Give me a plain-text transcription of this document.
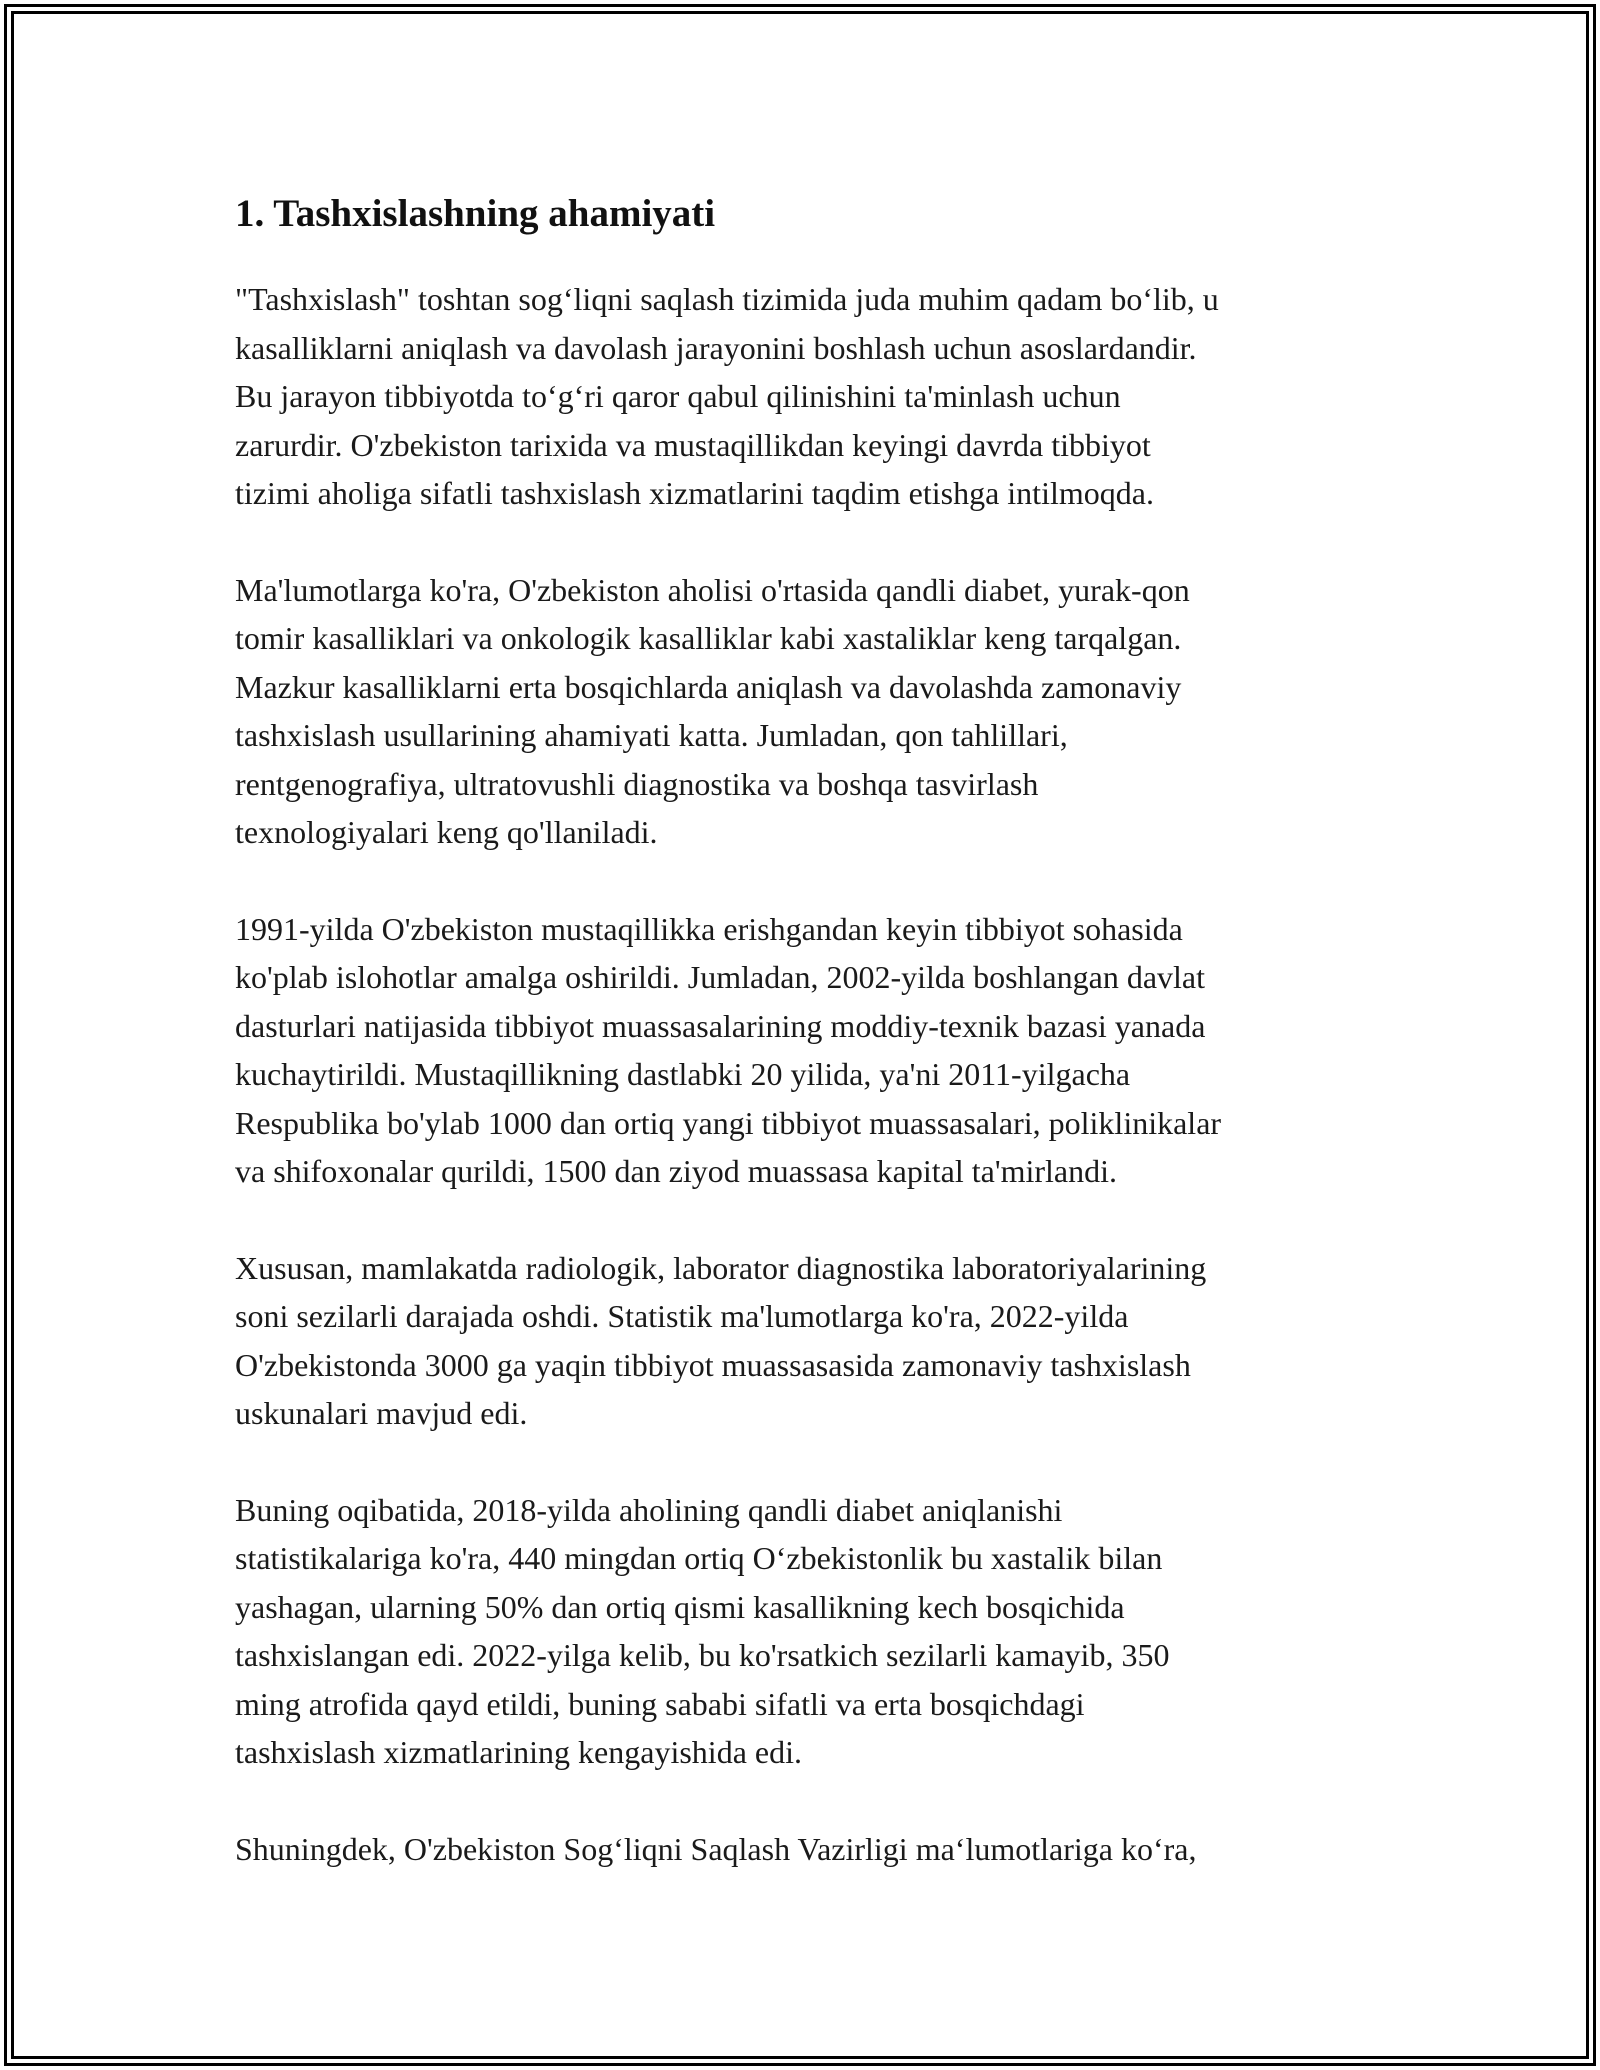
1. Tashxislashning ahamiyati

"Tashxislash" toshtan sog‘liqni saqlash tizimida juda muhim qadam bo‘lib, u
kasalliklarni aniqlash va davolash jarayonini boshlash uchun asoslardandir.
Bu jarayon tibbiyotda to‘g‘ri qaror qabul qilinishini ta'minlash uchun
zarurdir. O'zbekiston tarixida va mustaqillikdan keyingi davrda tibbiyot
tizimi aholiga sifatli tashxislash xizmatlarini taqdim etishga intilmoqda.

Ma'lumotlarga ko'ra, O'zbekiston aholisi o'rtasida qandli diabet, yurak-qon
tomir kasalliklari va onkologik kasalliklar kabi xastaliklar keng tarqalgan.
Mazkur kasalliklarni erta bosqichlarda aniqlash va davolashda zamonaviy
tashxislash usullarining ahamiyati katta. Jumladan, qon tahlillari,
rentgenografiya, ultratovushli diagnostika va boshqa tasvirlash
texnologiyalari keng qo'llaniladi.

1991-yilda O'zbekiston mustaqillikka erishgandan keyin tibbiyot sohasida
ko'plab islohotlar amalga oshirildi. Jumladan, 2002-yilda boshlangan davlat
dasturlari natijasida tibbiyot muassasalarining moddiy-texnik bazasi yanada
kuchaytirildi. Mustaqillikning dastlabki 20 yilida, ya'ni 2011-yilgacha
Respublika bo'ylab 1000 dan ortiq yangi tibbiyot muassasalari, poliklinikalar
va shifoxonalar qurildi, 1500 dan ziyod muassasa kapital ta'mirlandi.

Xususan, mamlakatda radiologik, laborator diagnostika laboratoriyalarining
soni sezilarli darajada oshdi. Statistik ma'lumotlarga ko'ra, 2022-yilda
O'zbekistonda 3000 ga yaqin tibbiyot muassasasida zamonaviy tashxislash
uskunalari mavjud edi.

Buning oqibatida, 2018-yilda aholining qandli diabet aniqlanishi
statistikalariga ko'ra, 440 mingdan ortiq O‘zbekistonlik bu xastalik bilan
yashagan, ularning 50% dan ortiq qismi kasallikning kech bosqichida
tashxislangan edi. 2022-yilga kelib, bu ko'rsatkich sezilarli kamayib, 350
ming atrofida qayd etildi, buning sababi sifatli va erta bosqichdagi
tashxislash xizmatlarining kengayishida edi.

Shuningdek, O'zbekiston Sog‘liqni Saqlash Vazirligi ma‘lumotlariga ko‘ra,
